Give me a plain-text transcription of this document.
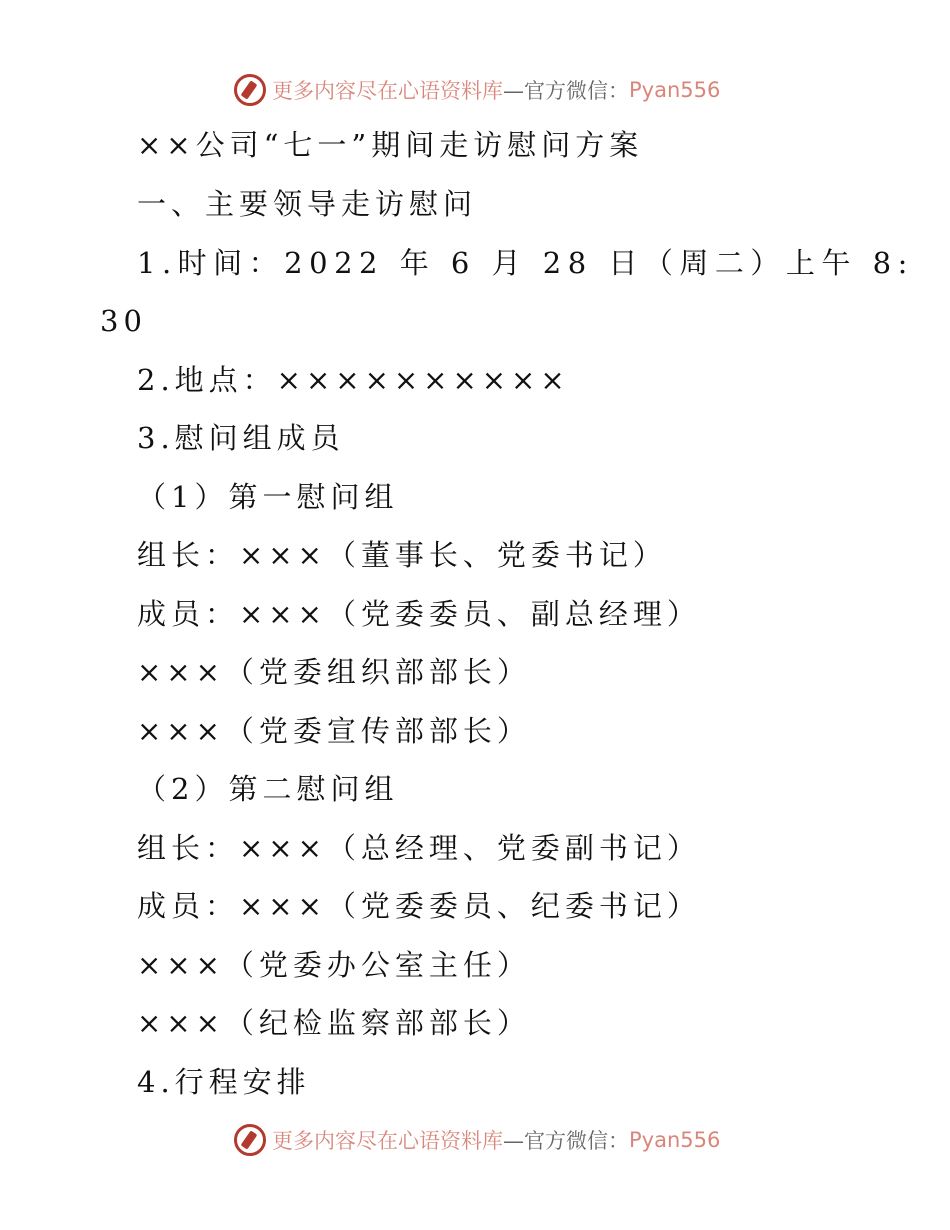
更多内容尽在心语资料库 —官方微信： Pyan556
××公司“七一”期间走访慰问方案
一、主要领导走访慰问
1.时间：2022 年 6 月 28 日（周二）上午 8:
30
2.地点：××××××××××
3.慰问组成员
（1）第一慰问组
组长：×××（董事长、党委书记）
成员：×××（党委委员、副总经理）
×××（党委组织部部长）
×××（党委宣传部部长）
（2）第二慰问组
组长：×××（总经理、党委副书记）
成员：×××（党委委员、纪委书记）
×××（党委办公室主任）
×××（纪检监察部部长）
4.行程安排
更多内容尽在心语资料库 —官方微信： Pyan556
